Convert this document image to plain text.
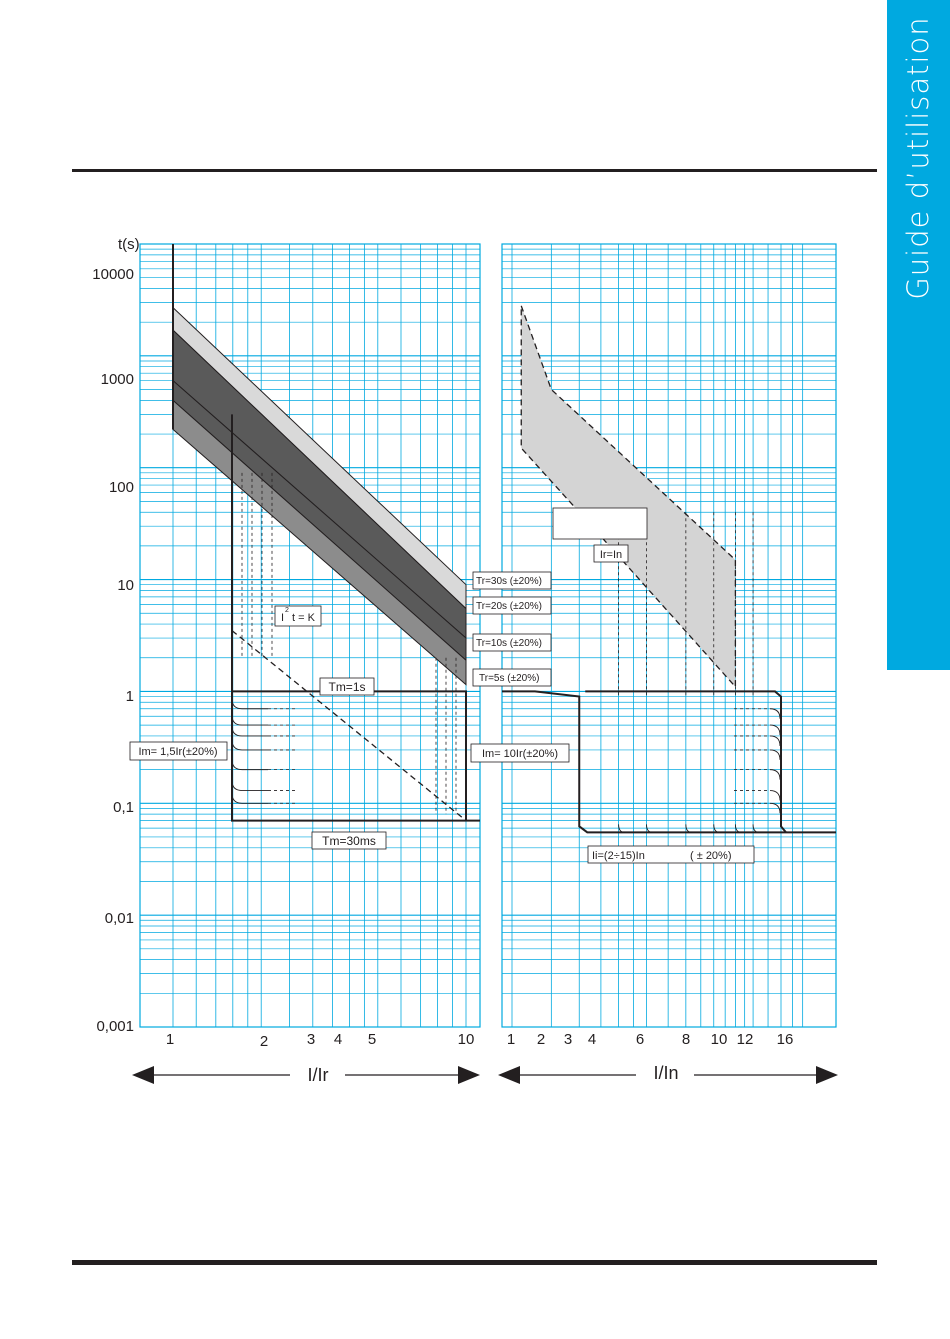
Guide d’utilisation
t(s)
10000
1000
100
10
1
0,1
0,01
0,001
1	2	3 4 5	10 1 2 3 4	6	8 10 12 16
I/Ir	I/In
I
2
t = K
Tr=30s (±20%)
Tr=20s (±20%)
Tr=10s (±20%)
Tr=5s (±20%)
Tm=1s
Tm=30ms
Im= 1,5Ir(±20%)	Im= 10Ir(±20%)
Ir=In
Ii=(2÷15)In	( ± 20%)
